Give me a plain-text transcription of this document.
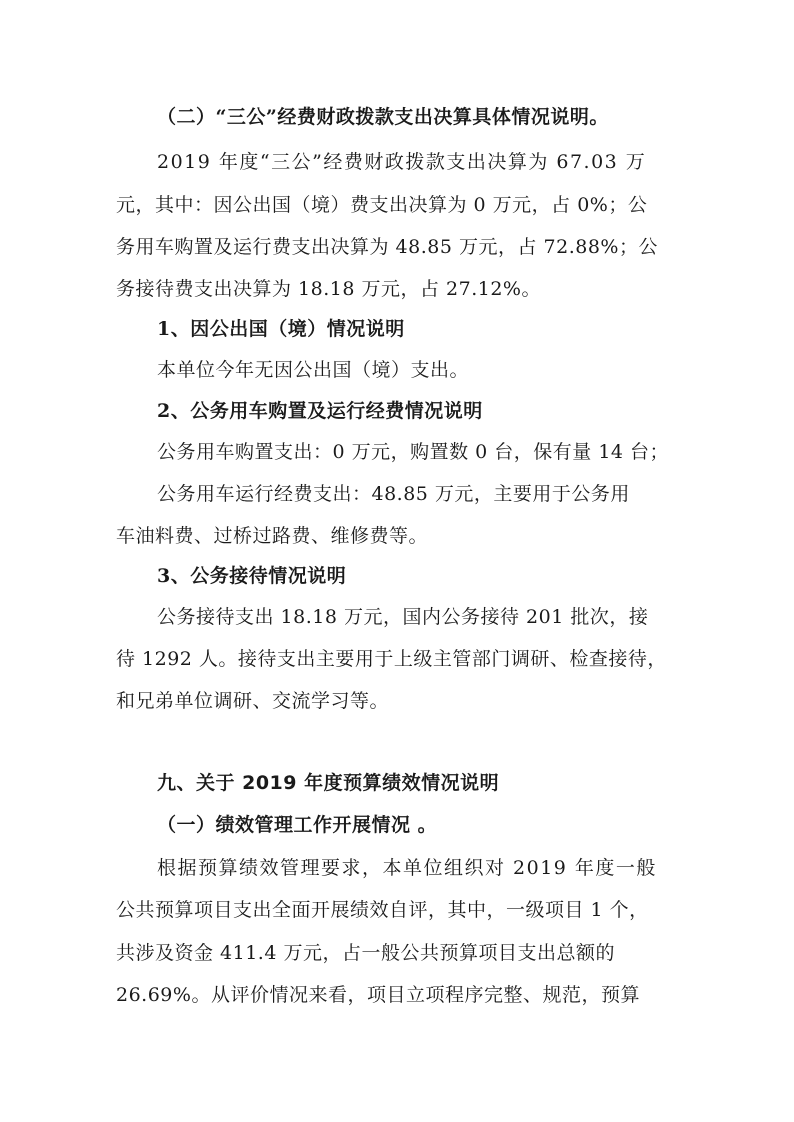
（二）“三公”经费财政拨款支出决算具体情况说明。
2019 年度“三公”经费财政拨款支出决算为 67.03 万
元，其中：因公出国（境）费支出决算为 0 万元，占 0%；公
务用车购置及运行费支出决算为 48.85 万元，占 72.88%；公
务接待费支出决算为 18.18 万元，占 27.12%。
1、因公出国（境）情况说明
本单位今年无因公出国（境）支出。
2、公务用车购置及运行经费情况说明
公务用车购置支出：0 万元，购置数 0 台，保有量 14 台；
公务用车运行经费支出：48.85 万元，主要用于公务用
车油料费、过桥过路费、维修费等。
3、公务接待情况说明
公务接待支出 18.18 万元，国内公务接待 201 批次，接
待 1292 人。接待支出主要用于上级主管部门调研、检查接待，
和兄弟单位调研、交流学习等。
九、关于 2019 年度预算绩效情况说明
（一）绩效管理工作开展情况 。
根据预算绩效管理要求，本单位组织对 2019 年度一般
公共预算项目支出全面开展绩效自评，其中，一级项目 1 个，
共涉及资金 411.4 万元，占一般公共预算项目支出总额的
26.69%。从评价情况来看，项目立项程序完整、规范，预算
